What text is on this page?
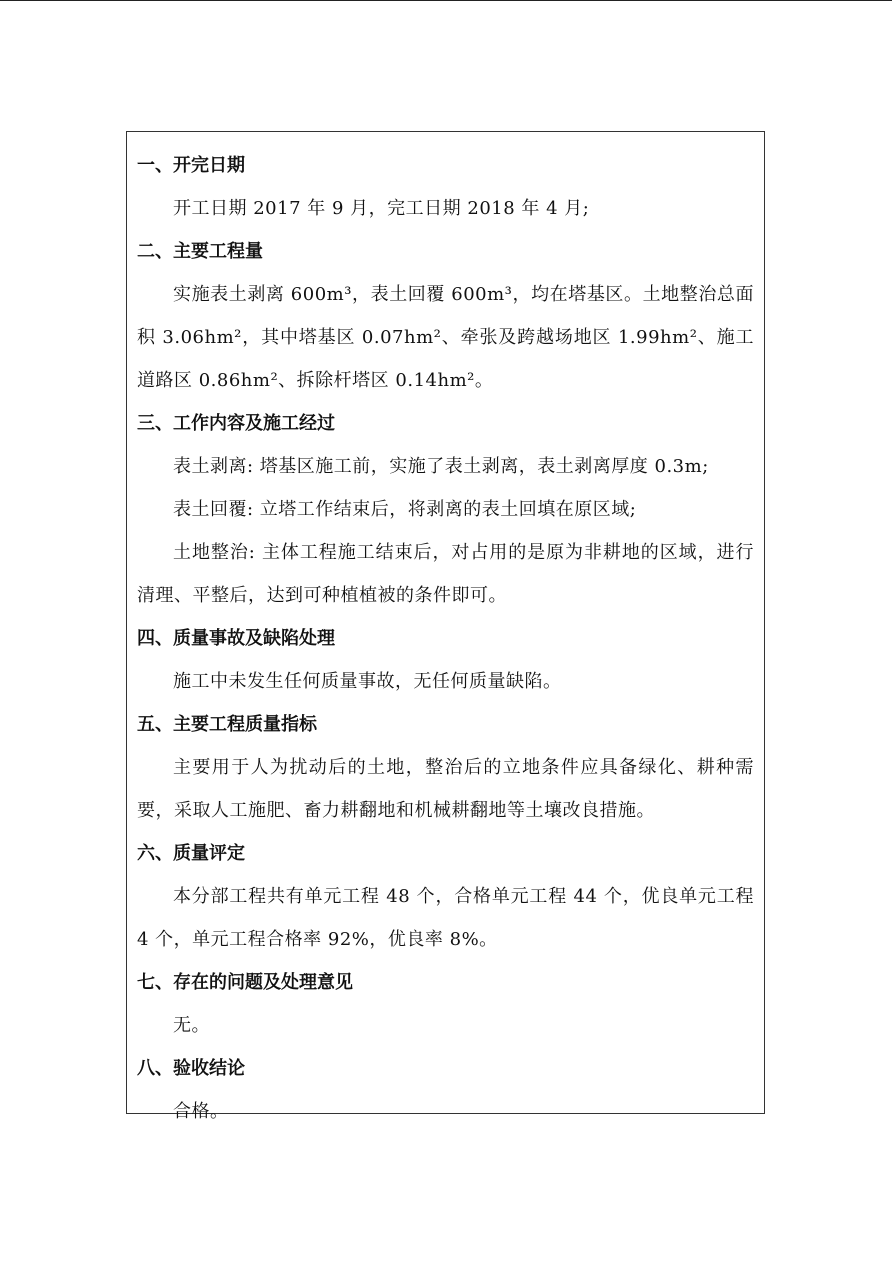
一、开完日期

开工日期 2017 年 9 月，完工日期 2018 年 4 月;

二、主要工程量

实施表土剥离 600m³，表土回覆 600m³，均在塔基区。土地整治总面积 3.06hm²，其中塔基区 0.07hm²、牵张及跨越场地区 1.99hm²、施工道路区 0.86hm²、拆除杆塔区 0.14hm²。

三、工作内容及施工经过

表土剥离: 塔基区施工前，实施了表土剥离，表土剥离厚度 0.3m;

表土回覆: 立塔工作结束后，将剥离的表土回填在原区域;

土地整治: 主体工程施工结束后，对占用的是原为非耕地的区域，进行清理、平整后，达到可种植植被的条件即可。

四、质量事故及缺陷处理

施工中未发生任何质量事故，无任何质量缺陷。

五、主要工程质量指标

主要用于人为扰动后的土地，整治后的立地条件应具备绿化、耕种需要，采取人工施肥、畜力耕翻地和机械耕翻地等土壤改良措施。

六、质量评定

本分部工程共有单元工程 48 个，合格单元工程 44 个，优良单元工程 4 个，单元工程合格率 92%，优良率 8%。

七、存在的问题及处理意见

无。

八、验收结论

合格。
